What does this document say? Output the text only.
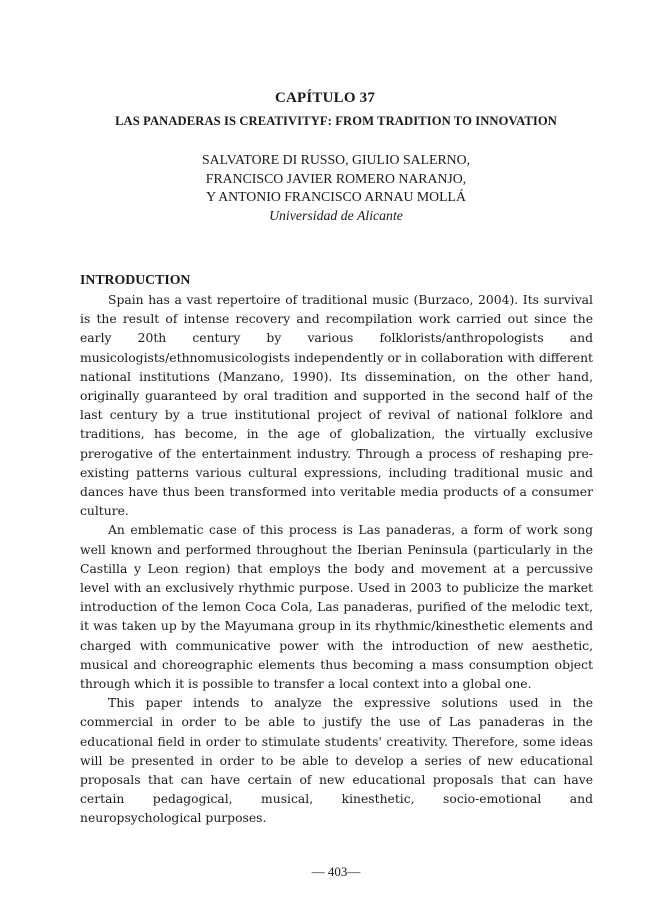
CAPÍTULO 37
LAS PANADERAS IS CREATIVITYF: FROM TRADITION TO INNOVATION
SALVATORE DI RUSSO, GIULIO SALERNO,
FRANCISCO JAVIER ROMERO NARANJO,
Y ANTONIO FRANCISCO ARNAU MOLLÁ
Universidad de Alicante
INTRODUCTION

Spain has a vast repertoire of traditional music (Burzaco, 2004). Its survival is the result of intense recovery and recompilation work carried out since the early 20th century by various folklorists/anthropologists and musicologists/ethnomusicologists independently or in collaboration with different national institutions (Manzano, 1990). Its dissemination, on the other hand, originally guaranteed by oral tradition and supported in the second half of the last century by a true institutional project of revival of national folklore and traditions, has become, in the age of globalization, the virtually exclusive prerogative of the entertainment industry. Through a process of reshaping pre-existing patterns various cultural expressions, including traditional music and dances have thus been transformed into veritable media products of a consumer culture.

An emblematic case of this process is Las panaderas, a form of work song well known and performed throughout the Iberian Peninsula (particularly in the Castilla y Leon region) that employs the body and movement at a percussive level with an exclusively rhythmic purpose. Used in 2003 to publicize the market introduction of the lemon Coca Cola, Las panaderas, purified of the melodic text, it was taken up by the Mayumana group in its rhythmic/kinesthetic elements and charged with communicative power with the introduction of new aesthetic, musical and choreographic elements thus becoming a mass consumption object through which it is possible to transfer a local context into a global one.

This paper intends to analyze the expressive solutions used in the commercial in order to be able to justify the use of Las panaderas in the educational field in order to stimulate students' creativity. Therefore, some ideas will be presented in order to be able to develop a series of new educational proposals that can have certain of new educational proposals that can have certain pedagogical, musical, kinesthetic, socio-emotional and neuropsychological purposes.

— 403—
